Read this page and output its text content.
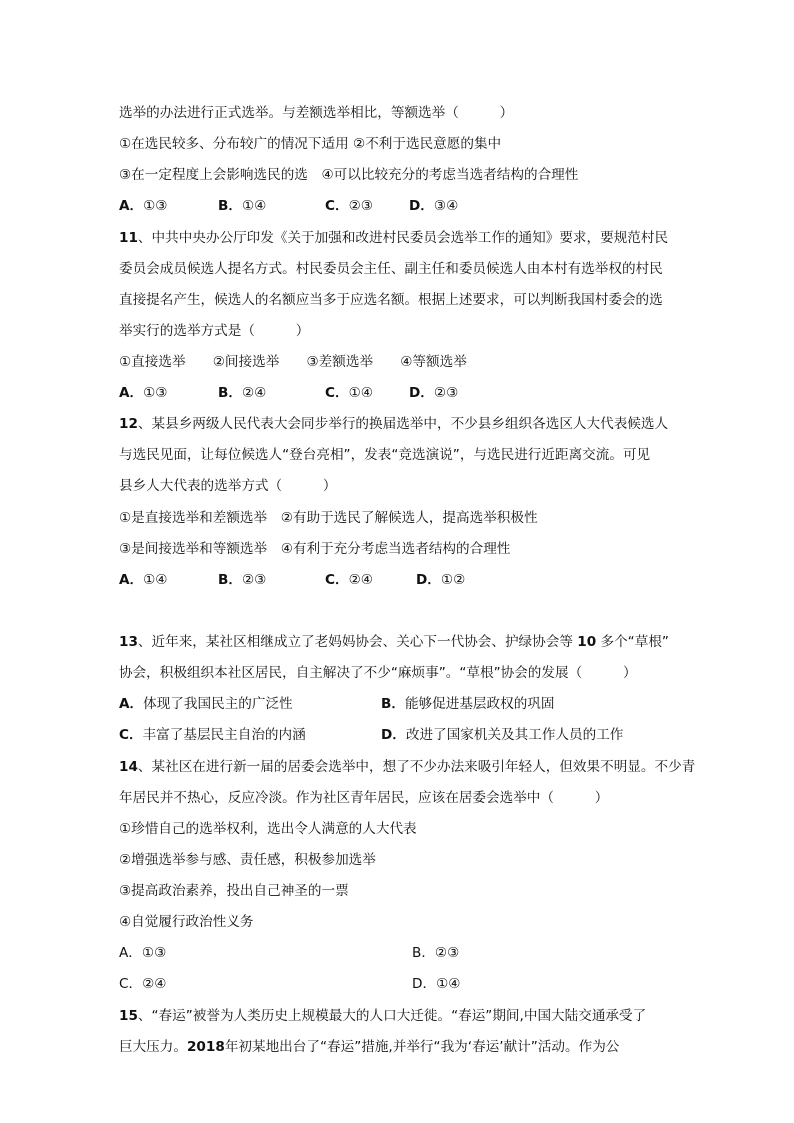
选举的办法进行正式选举。与差额选举相比，等额选举（　　　）
①在选民较多、分布较广的情况下适用 ②不利于选民意愿的集中
③在一定程度上会影响选民的选　④可以比较充分的考虑当选者结构的合理性
A．①③	B．①④	C．②③	D．③④
11、中共中央办公厅印发《关于加强和改进村民委员会选举工作的通知》要求，要规范村民
委员会成员候选人提名方式。村民委员会主任、副主任和委员候选人由本村有选举权的村民
直接提名产生，候选人的名额应当多于应选名额。根据上述要求，可以判断我国村委会的选
举实行的选举方式是（　　　）
①直接选举　　②间接选举　　③差额选举　　④等额选举
A．①③	B．②④	C．①④	D．②③
12、某县乡两级人民代表大会同步举行的换届选举中，不少县乡组织各选区人大代表候选人
与选民见面，让每位候选人“登台亮相”，发表“竞选演说”，与选民进行近距离交流。可见
县乡人大代表的选举方式（　　　）
①是直接选举和差额选举　②有助于选民了解候选人，提高选举积极性
③是间接选举和等额选举　④有利于充分考虑当选者结构的合理性
A．①④	B．②③	C．②④	D．①②
13、近年来，某社区相继成立了老妈妈协会、关心下一代协会、护绿协会等 10 多个“草根”
协会，积极组织本社区居民，自主解决了不少“麻烦事”。“草根”协会的发展（　　　）
A．体现了我国民主的广泛性	B．能够促进基层政权的巩固
C．丰富了基层民主自治的内涵	D．改进了国家机关及其工作人员的工作
14、某社区在进行新一届的居委会选举中，想了不少办法来吸引年轻人，但效果不明显。不少青
年居民并不热心，反应冷淡。作为社区青年居民，应该在居委会选举中（　　　）
①珍惜自己的选举权利，选出令人满意的人大代表
②增强选举参与感、责任感，积极参加选举
③提高政治素养，投出自己神圣的一票
④自觉履行政治性义务
A．①③	B．②③
C．②④	D．①④
15、“春运”被誉为人类历史上规模最大的人口大迁徙。“春运”期间,中国大陆交通承受了
巨大压力。2018年初某地出台了“春运”措施,并举行“我为‘春运’献计”活动。作为公
